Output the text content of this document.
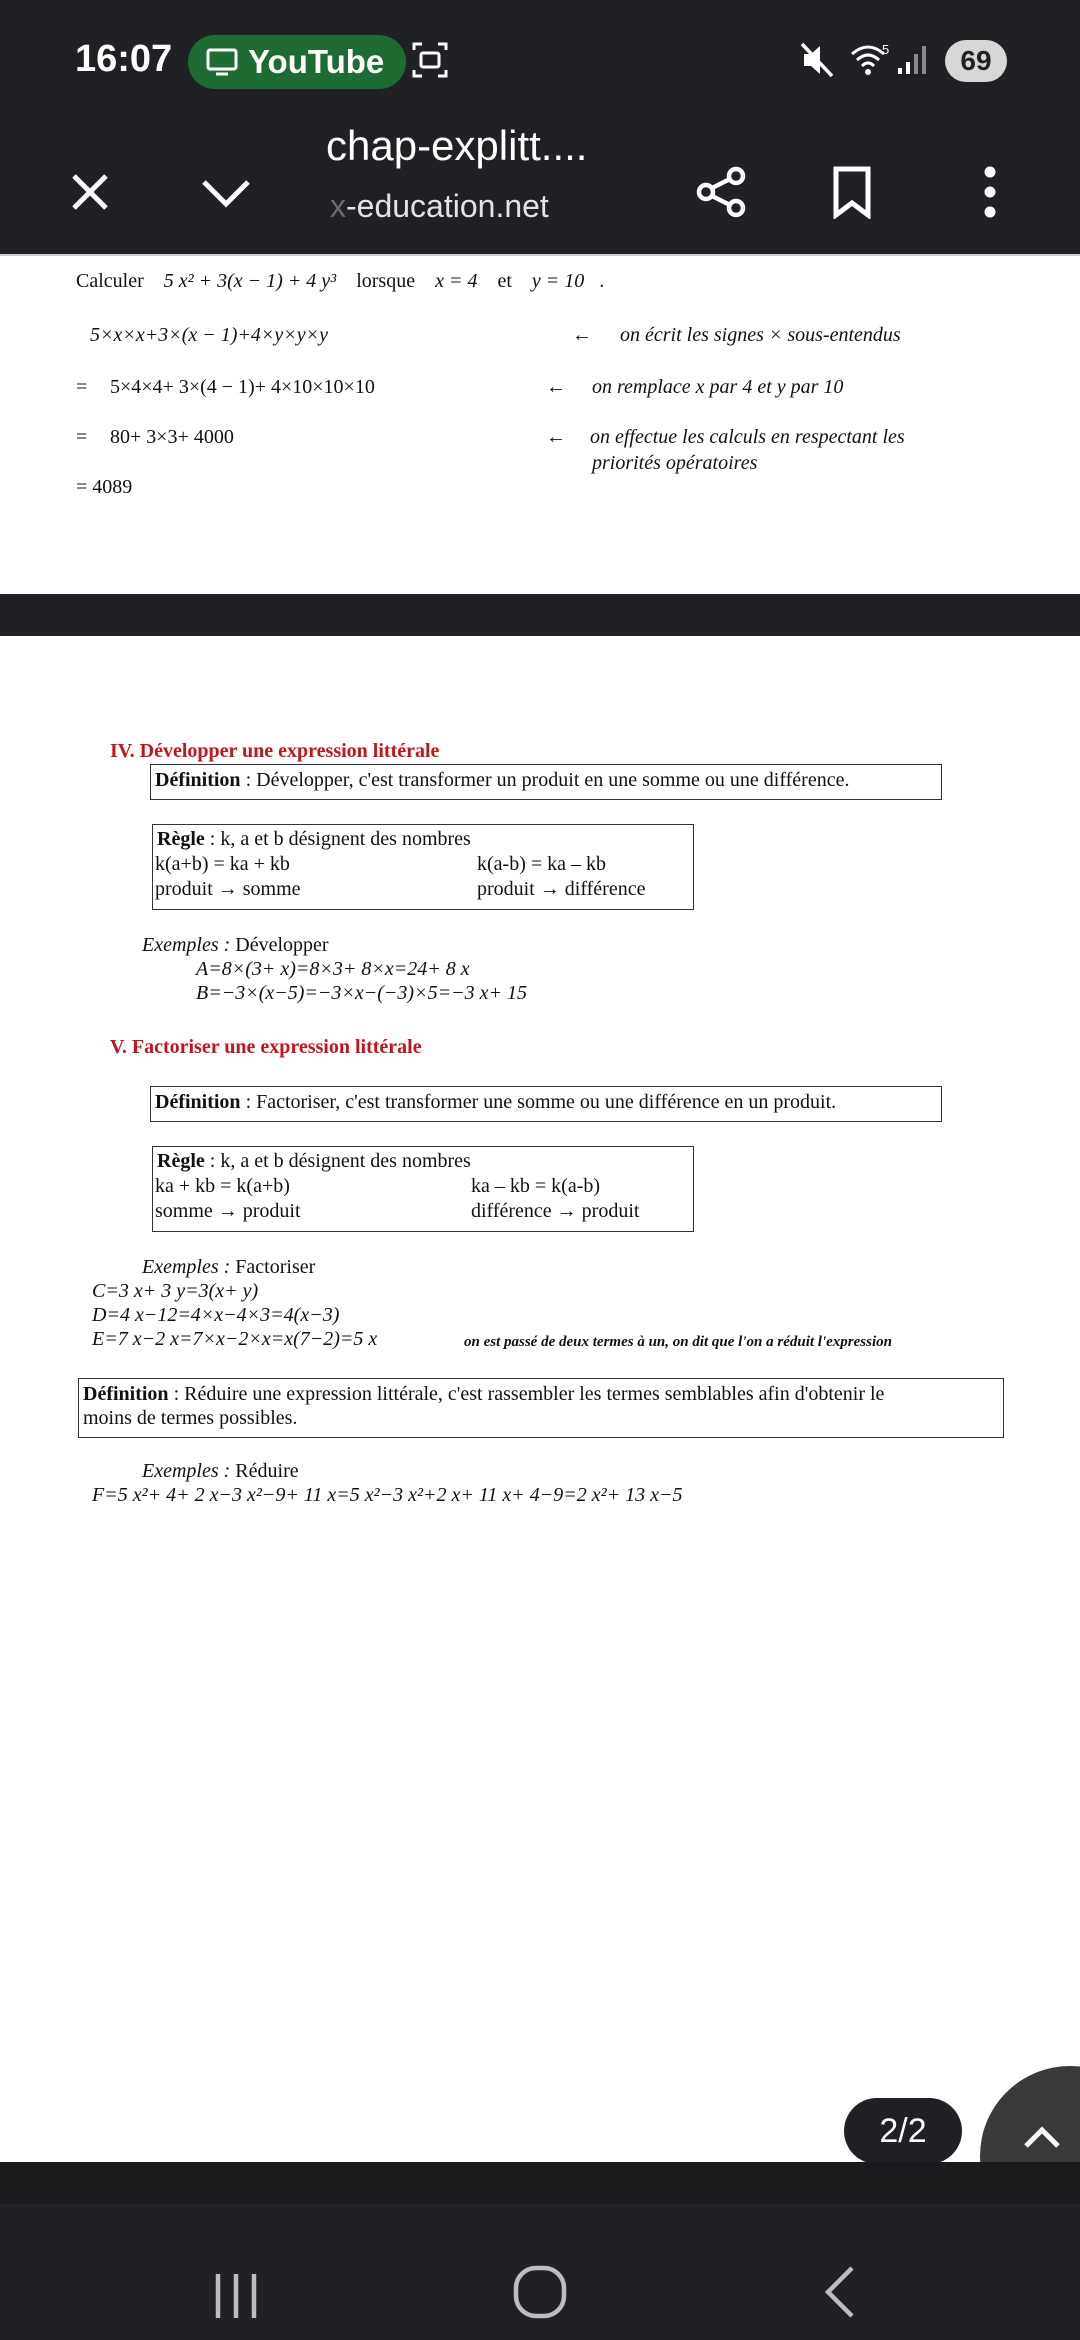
16:07 YouTube	5	69
chap-explitt....
x-education.net
Calculer 5 x² + 3(x − 1) + 4 y³ lorsque x = 4 et y = 10 .
5×x×x+3×(x − 1)+4×y×y×y	← on écrit les signes × sous-entendus
= 5×4×4+ 3×(4 − 1)+ 4×10×10×10	← on remplace x par 4 et y par 10
= 80+ 3×3+ 4000	← on effectue les calculs en respectant les
priorités opératoires
= 4089
IV. Développer une expression littérale
Définition : Développer, c'est transformer un produit en une somme ou une différence.
Règle : k, a et b désignent des nombres
k(a+b) = ka + kb	k(a-b) = ka – kb
produit → somme	produit → différence
Exemples : Développer
A=8×(3+ x)=8×3+ 8×x=24+ 8 x
B=−3×(x−5)=−3×x−(−3)×5=−3 x+ 15
V. Factoriser une expression littérale
Définition : Factoriser, c'est transformer une somme ou une différence en un produit.
Règle : k, a et b désignent des nombres
ka + kb = k(a+b)	ka – kb = k(a-b)
somme → produit	différence → produit
Exemples : Factoriser
C=3 x+ 3 y=3(x+ y)
D=4 x−12=4×x−4×3=4(x−3)
E=7 x−2 x=7×x−2×x=x(7−2)=5 x	on est passé de deux termes à un, on dit que l'on a réduit l'expression
Définition : Réduire une expression littérale, c'est rassembler les termes semblables afin d'obtenir le
moins de termes possibles.
Exemples : Réduire
F=5 x²+ 4+ 2 x−3 x²−9+ 11 x=5 x²−3 x²+2 x+ 11 x+ 4−9=2 x²+ 13 x−5
2/2
